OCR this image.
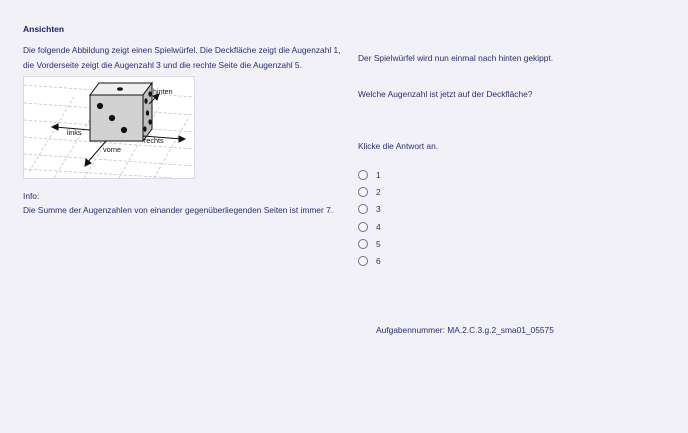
Ansichten
Die folgende Abbildung zeigt einen Spielwürfel. Die Deckfläche zeigt die Augenzahl 1,
die Vorderseite zeigt die Augenzahl 3 und die rechte Seite die Augenzahl 5.
hinten
links
rechts
vorne
Info:
Die Summe der Augenzahlen von einander gegenüberliegenden Seiten ist immer 7.
Der Spielwürfel wird nun einmal nach hinten gekippt.
Welche Augenzahl ist jetzt auf der Deckfläche?
Klicke die Antwort an.
1
2
3
4
5
6
Aufgabennummer: MA.2.C.3.g.2_sma01_05575
